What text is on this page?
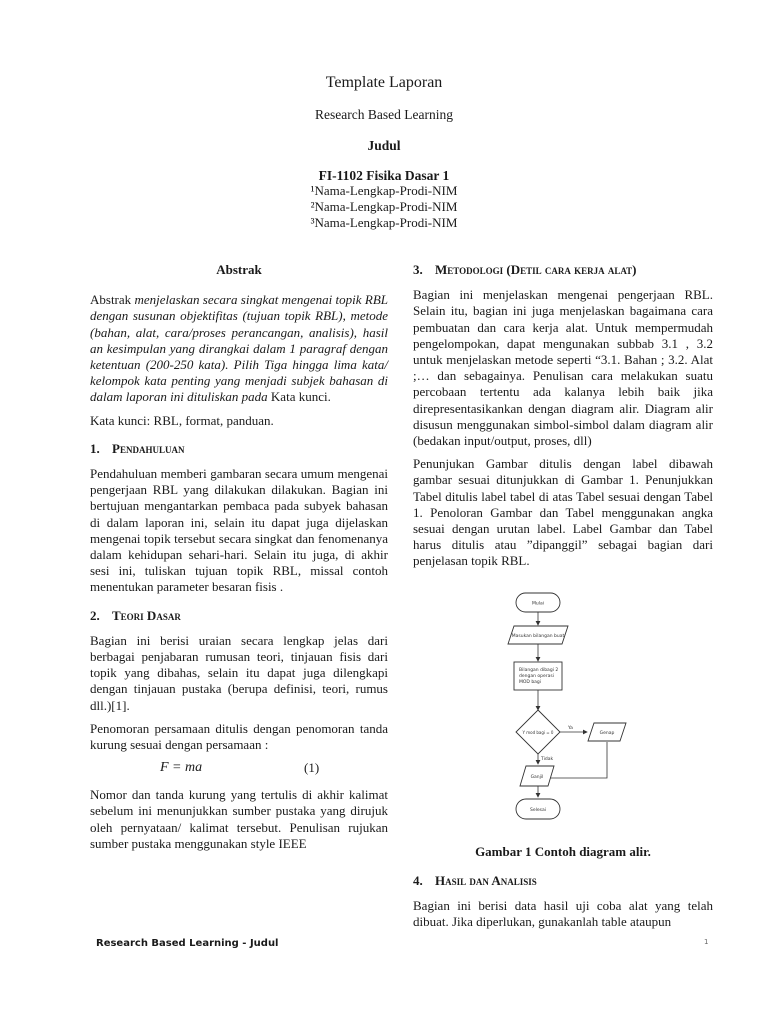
Template Laporan
Research Based Learning
Judul
FI-1102 Fisika Dasar 1
¹Nama-Lengkap-Prodi-NIM
²Nama-Lengkap-Prodi-NIM
³Nama-Lengkap-Prodi-NIM
Abstrak

Abstrak menjelaskan secara singkat mengenai topik RBL dengan susunan objektifitas (tujuan topik RBL), metode (bahan, alat, cara/proses perancangan, analisis), hasil an kesimpulan yang dirangkai dalam 1 paragraf dengan ketentuan (200-250 kata). Pilih Tiga hingga lima kata/ kelompok kata penting yang menjadi subjek bahasan di dalam laporan ini dituliskan pada Kata kunci.

Kata kunci: RBL, format, panduan.

1. Pendahuluan

Pendahuluan memberi gambaran secara umum mengenai pengerjaan RBL yang dilakukan dilakukan. Bagian ini bertujuan mengantarkan pembaca pada subyek bahasan di dalam laporan ini, selain itu dapat juga dijelaskan mengenai topik tersebut secara singkat dan fenomenanya dalam kehidupan sehari-hari. Selain itu juga, di akhir sesi ini, tuliskan tujuan topik RBL, missal contoh menentukan parameter besaran fisis .

2. Teori Dasar

Bagian ini berisi uraian secara lengkap jelas dari berbagai penjabaran rumusan teori, tinjauan fisis dari topik yang dibahas, selain itu dapat juga dilengkapi dengan tinjauan pustaka (berupa definisi, teori, rumus dll.)[1].

Penomoran persamaan ditulis dengan penomoran tanda kurung sesuai dengan persamaan :

F = ma	(1)

Nomor dan tanda kurung yang tertulis di akhir kalimat sebelum ini menunjukkan sumber pustaka yang dirujuk oleh pernyataan/ kalimat tersebut. Penulisan rujukan sumber pustaka menggunakan style IEEE

3. Metodologi (Detil cara kerja alat)

Bagian ini menjelaskan mengenai pengerjaan RBL. Selain itu, bagian ini juga menjelaskan bagaimana cara pembuatan dan cara kerja alat. Untuk mempermudah pengelompokan, dapat mengunakan subbab 3.1 , 3.2 untuk menjelaskan metode seperti “3.1. Bahan ; 3.2. Alat ;… dan sebagainya. Penulisan cara melakukan suatu percobaan tertentu ada kalanya lebih baik jika direpresentasikankan dengan diagram alir. Diagram alir disusun menggunakan simbol-simbol dalam diagram alir (bedakan input/output, proses, dll)

Penunjukan Gambar ditulis dengan label dibawah gambar sesuai ditunjukkan di Gambar 1. Penunjukkan Tabel ditulis label tabel di atas Tabel sesuai dengan Tabel 1. Penoloran Gambar dan Tabel menggunakan angka sesuai dengan urutan label. Label Gambar dan Tabel harus ditulis atau ”dipanggil” sebagai bagian dari penjelasan topik RBL.

Mulai
Masukan bilangan buat
Bilangan dibagi 2
dengan operasi
MOD bagi
Y mod bagi = 0
Ya
Tidak
Genap
Ganjil
Selesai
Gambar 1 Contoh diagram alir.
4. Hasil dan Analisis

Bagian ini berisi data hasil uji coba alat yang telah dibuat. Jika diperlukan, gunakanlah table ataupun

Research Based Learning - Judul	1
